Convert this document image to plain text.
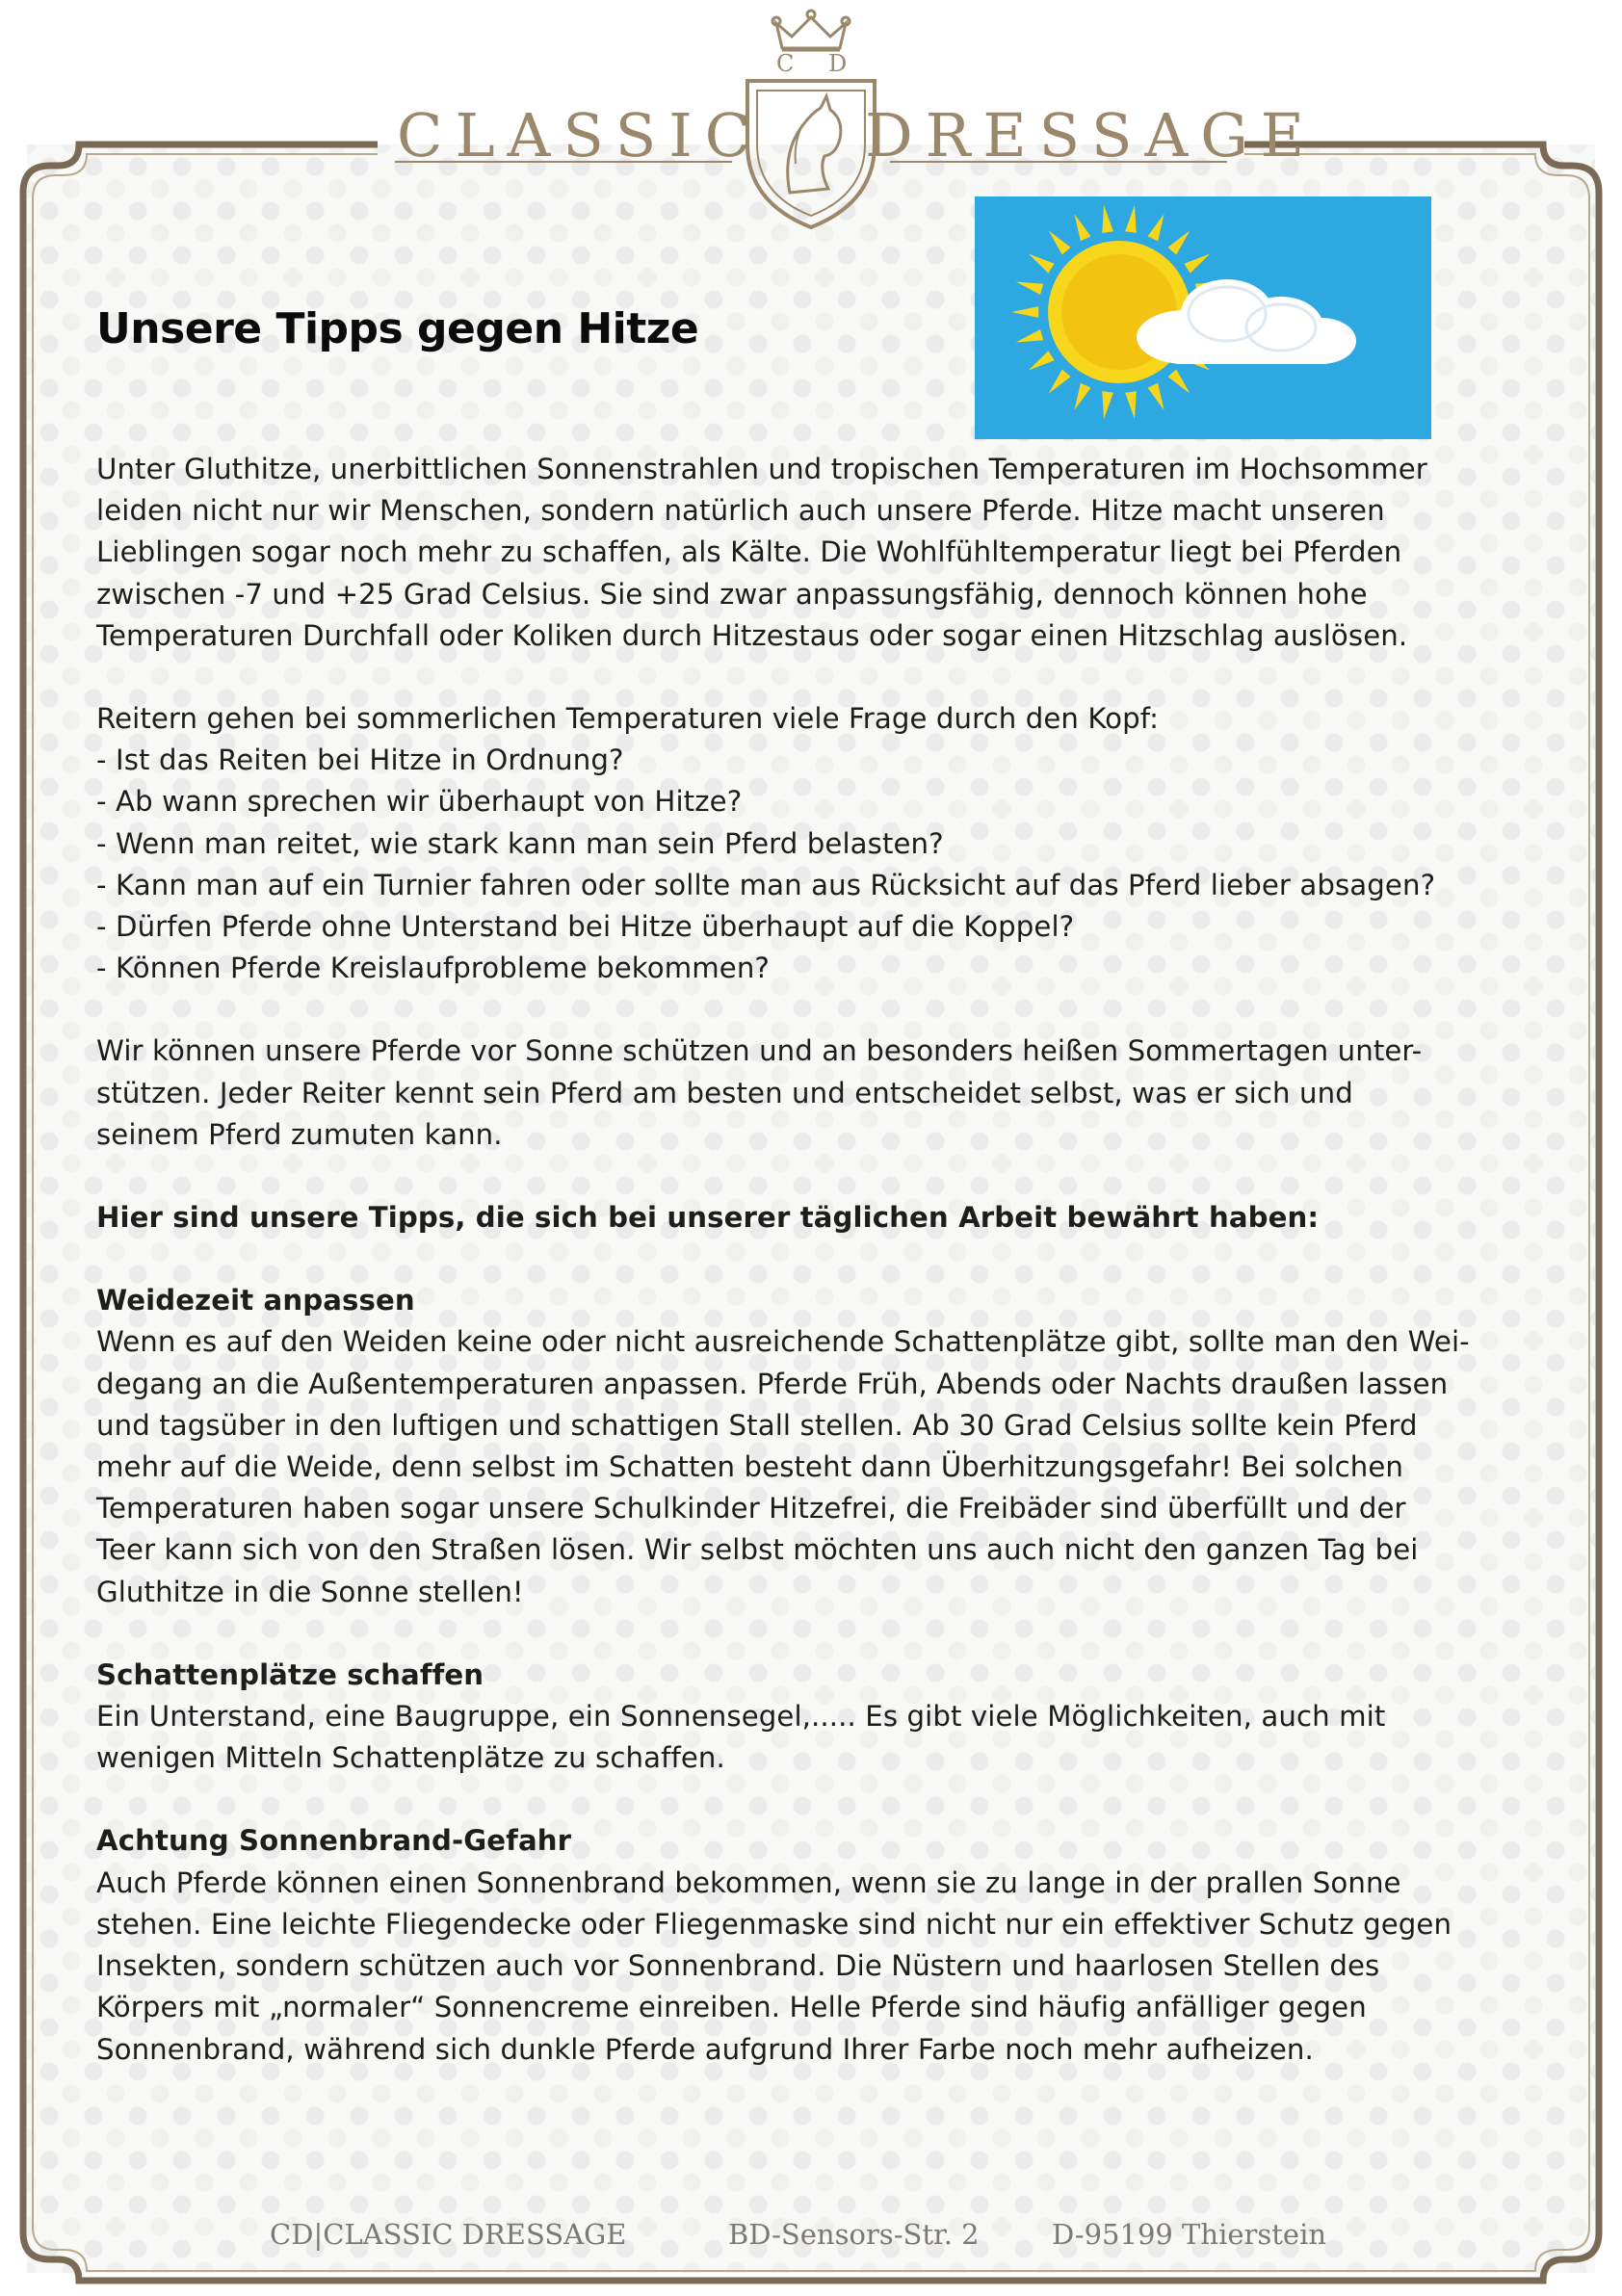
C D
CLASSIC DRESSAGE
Unsere Tipps gegen Hitze

Unter Gluthitze, unerbittlichen Sonnenstrahlen und tropischen Temperaturen im Hochsommer

leiden nicht nur wir Menschen, sondern natürlich auch unsere Pferde. Hitze macht unseren

Lieblingen sogar noch mehr zu schaffen, als Kälte. Die Wohlfühltemperatur liegt bei Pferden

zwischen -7 und +25 Grad Celsius. Sie sind zwar anpassungsfähig, dennoch können hohe

Temperaturen Durchfall oder Koliken durch Hitzestaus oder sogar einen Hitzschlag auslösen.

Reitern gehen bei sommerlichen Temperaturen viele Frage durch den Kopf:

- Ist das Reiten bei Hitze in Ordnung?

- Ab wann sprechen wir überhaupt von Hitze?

- Wenn man reitet, wie stark kann man sein Pferd belasten?

- Kann man auf ein Turnier fahren oder sollte man aus Rücksicht auf das Pferd lieber absagen?

- Dürfen Pferde ohne Unterstand bei Hitze überhaupt auf die Koppel?

- Können Pferde Kreislaufprobleme bekommen?

Wir können unsere Pferde vor Sonne schützen und an besonders heißen Sommertagen unter-

stützen. Jeder Reiter kennt sein Pferd am besten und entscheidet selbst, was er sich und

seinem Pferd zumuten kann.

Hier sind unsere Tipps, die sich bei unserer täglichen Arbeit bewährt haben:

Weidezeit anpassen

Wenn es auf den Weiden keine oder nicht ausreichende Schattenplätze gibt, sollte man den Wei-

degang an die Außentemperaturen anpassen. Pferde Früh, Abends oder Nachts draußen lassen

und tagsüber in den luftigen und schattigen Stall stellen. Ab 30 Grad Celsius sollte kein Pferd

mehr auf die Weide, denn selbst im Schatten besteht dann Überhitzungsgefahr! Bei solchen

Temperaturen haben sogar unsere Schulkinder Hitzefrei, die Freibäder sind überfüllt und der

Teer kann sich von den Straßen lösen. Wir selbst möchten uns auch nicht den ganzen Tag bei

Gluthitze in die Sonne stellen!

Schattenplätze schaffen

Ein Unterstand, eine Baugruppe, ein Sonnensegel,..... Es gibt viele Möglichkeiten, auch mit

wenigen Mitteln Schattenplätze zu schaffen.

Achtung Sonnenbrand-Gefahr

Auch Pferde können einen Sonnenbrand bekommen, wenn sie zu lange in der prallen Sonne

stehen. Eine leichte Fliegendecke oder Fliegenmaske sind nicht nur ein effektiver Schutz gegen

Insekten, sondern schützen auch vor Sonnenbrand. Die Nüstern und haarlosen Stellen des

Körpers mit „normaler“ Sonnencreme einreiben. Helle Pferde sind häufig anfälliger gegen

Sonnenbrand, während sich dunkle Pferde aufgrund Ihrer Farbe noch mehr aufheizen.

CD|CLASSIC DRESSAGE	BD-Sensors-Str. 2	D-95199 Thierstein
